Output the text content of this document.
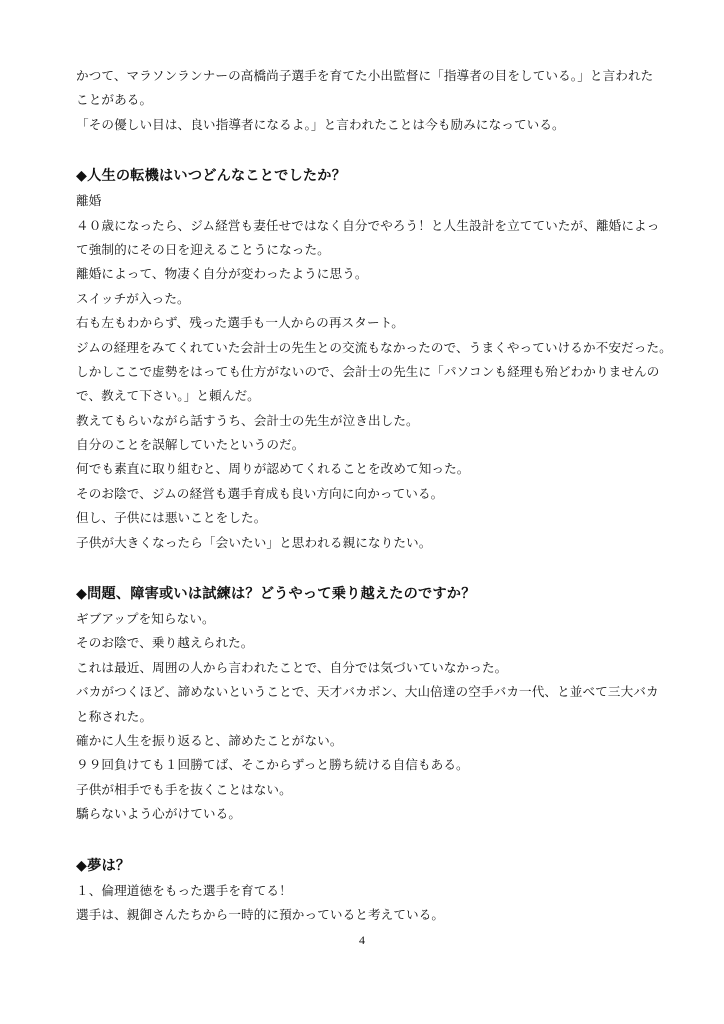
かつて、マラソンランナーの高橋尚子選手を育てた小出監督に「指導者の目をしている。」と言われた
ことがある。
「その優しい目は、良い指導者になるよ。」と言われたことは今も励みになっている。
◆人生の転機はいつどんなことでしたか？
離婚
４０歳になったら、ジム経営も妻任せではなく自分でやろう！と人生設計を立てていたが、離婚によっ
て強制的にその日を迎えることうになった。
離婚によって、物凄く自分が変わったように思う。
スイッチが入った。
右も左もわからず、残った選手も一人からの再スタート。
ジムの経理をみてくれていた会計士の先生との交流もなかったので、うまくやっていけるか不安だった。
しかしここで虚勢をはっても仕方がないので、会計士の先生に「パソコンも経理も殆どわかりませんの
で、教えて下さい。」と頼んだ。
教えてもらいながら話すうち、会計士の先生が泣き出した。
自分のことを誤解していたというのだ。
何でも素直に取り組むと、周りが認めてくれることを改めて知った。
そのお陰で、ジムの経営も選手育成も良い方向に向かっている。
但し、子供には悪いことをした。
子供が大きくなったら「会いたい」と思われる親になりたい。
◆問題、障害或いは試練は？どうやって乗り越えたのですか？
ギブアップを知らない。
そのお陰で、乗り越えられた。
これは最近、周囲の人から言われたことで、自分では気づいていなかった。
バカがつくほど、諦めないということで、天才バカボン、大山倍達の空手バカ一代、と並べて三大バカ
と称された。
確かに人生を振り返ると、諦めたことがない。
９９回負けても１回勝てば、そこからずっと勝ち続ける自信もある。
子供が相手でも手を抜くことはない。
驕らないよう心がけている。
◆夢は？
１、倫理道徳をもった選手を育てる！
選手は、親御さんたちから一時的に預かっていると考えている。
4
